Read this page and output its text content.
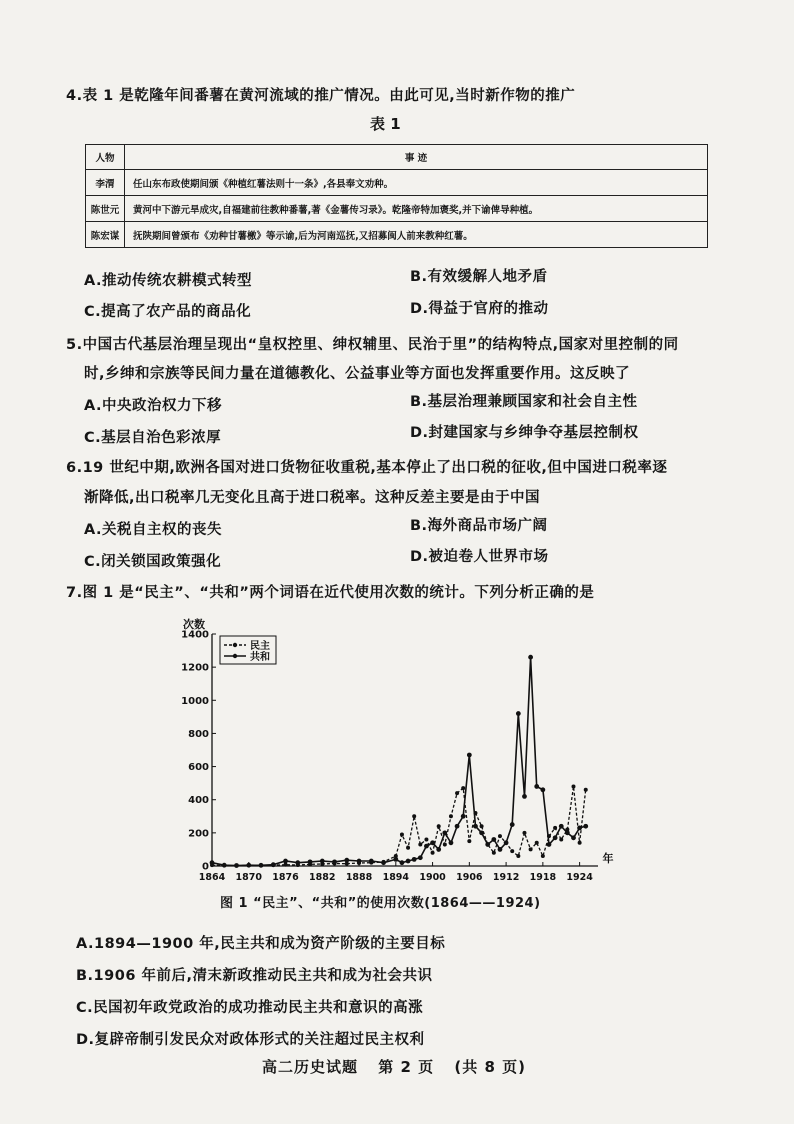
4.表 1 是乾隆年间番薯在黄河流域的推广情况。由此可见,当时新作物的推广
表 1
人物	事 迹
李渭	任山东布政使期间颁《种植红薯法则十一条》,各县奉文劝种。
陈世元	黄河中下游元旱成灾,自福建前往教种番薯,著《金薯传习录》。乾隆帝特加褒奖,并下谕俾导种植。
陈宏谋	抚陕期间曾颁布《劝种甘薯檄》等示谕,后为河南巡抚,又招募闽人前来教种红薯。
A.推动传统农耕模式转型	B.有效缓解人地矛盾
C.提高了农产品的商品化	D.得益于官府的推动
5.中国古代基层治理呈现出“皇权控里、绅权辅里、民治于里”的结构特点,国家对里控制的同
时,乡绅和宗族等民间力量在道德教化、公益事业等方面也发挥重要作用。这反映了
A.中央政治权力下移	B.基层治理兼顾国家和社会自主性
C.基层自治色彩浓厚	D.封建国家与乡绅争夺基层控制权
6.19 世纪中期,欧洲各国对进口货物征收重税,基本停止了出口税的征收,但中国进口税率逐
渐降低,出口税率几无变化且高于进口税率。这种反差主要是由于中国
A.关税自主权的丧失	B.海外商品市场广阔
C.闭关锁国政策强化	D.被迫卷人世界市场
7.图 1 是“民主”、“共和”两个词语在近代使用次数的统计。下列分析正确的是
0
200
400
600
800
1000
1200
1400
1864 1870 1876 1882 1888 1894 1900 1906 1912 1918 1924
次数
年
民主
共和
图 1 “民主”、“共和”的使用次数(1864——1924)
A.1894—1900 年,民主共和成为资产阶级的主要目标
B.1906 年前后,清末新政推动民主共和成为社会共识
C.民国初年政党政治的成功推动民主共和意识的高涨
D.复辟帝制引发民众对政体形式的关注超过民主权利
高二历史试题 第 2 页 (共 8 页)
